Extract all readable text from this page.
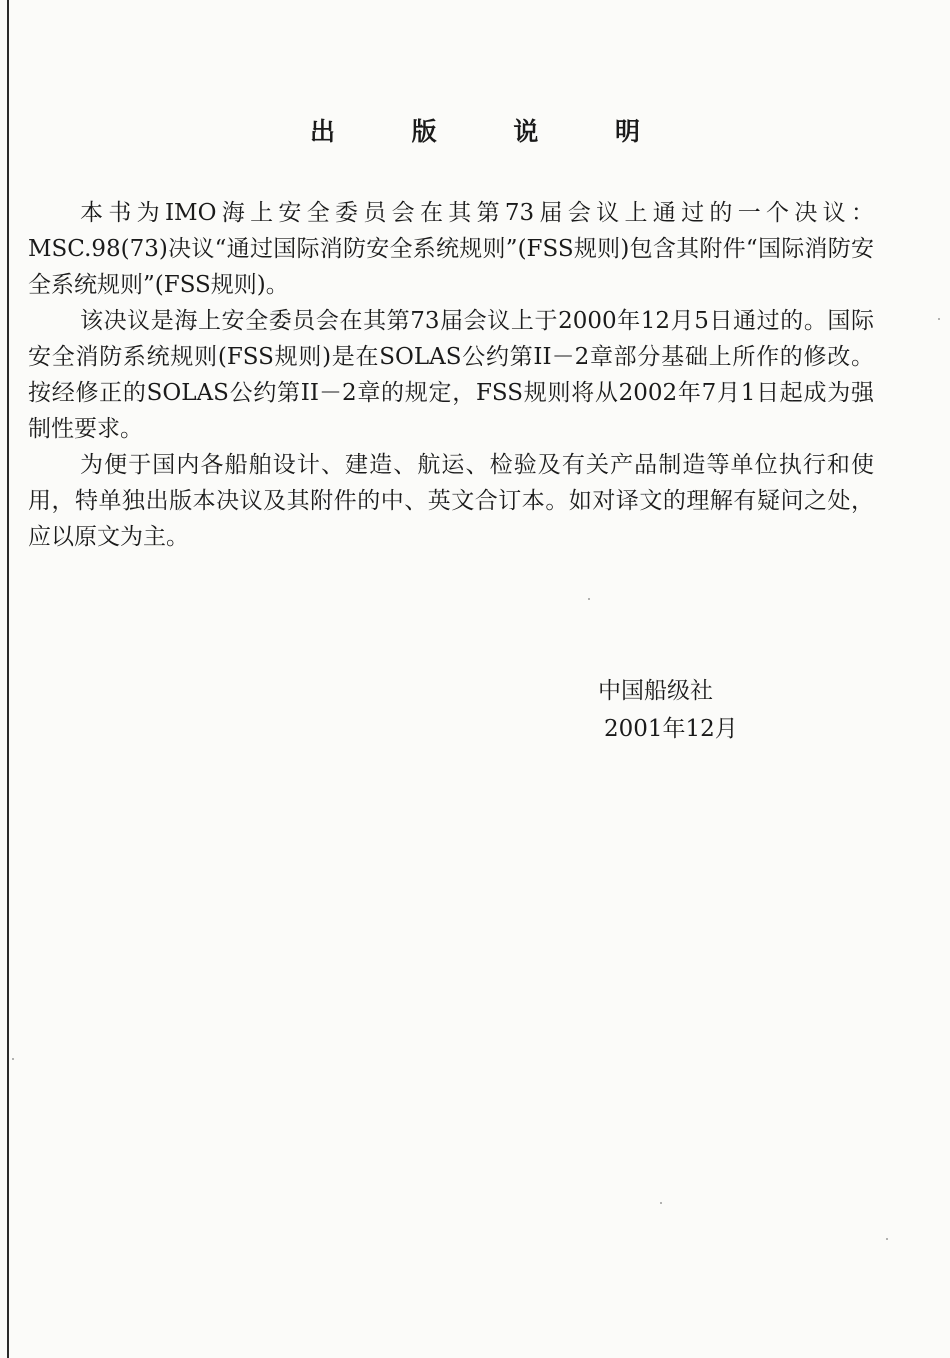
出 版 说 明

本书为IMO海上安全委员会在其第73届会议上通过的一个决议：MSC.98(73)决议“通过国际消防安全系统规则”(FSS规则)包含其附件“国际消防安全系统规则”(FSS规则)。

该决议是海上安全委员会在其第73届会议上于2000年12月5日通过的。国际安全消防系统规则(FSS规则)是在SOLAS公约第II－2章部分基础上所作的修改。按经修正的SOLAS公约第II－2章的规定，FSS规则将从2002年7月1日起成为强制性要求。

为便于国内各船舶设计、建造、航运、检验及有关产品制造等单位执行和使用，特单独出版本决议及其附件的中、英文合订本。如对译文的理解有疑问之处，应以原文为主。

中国船级社
2001年12月
